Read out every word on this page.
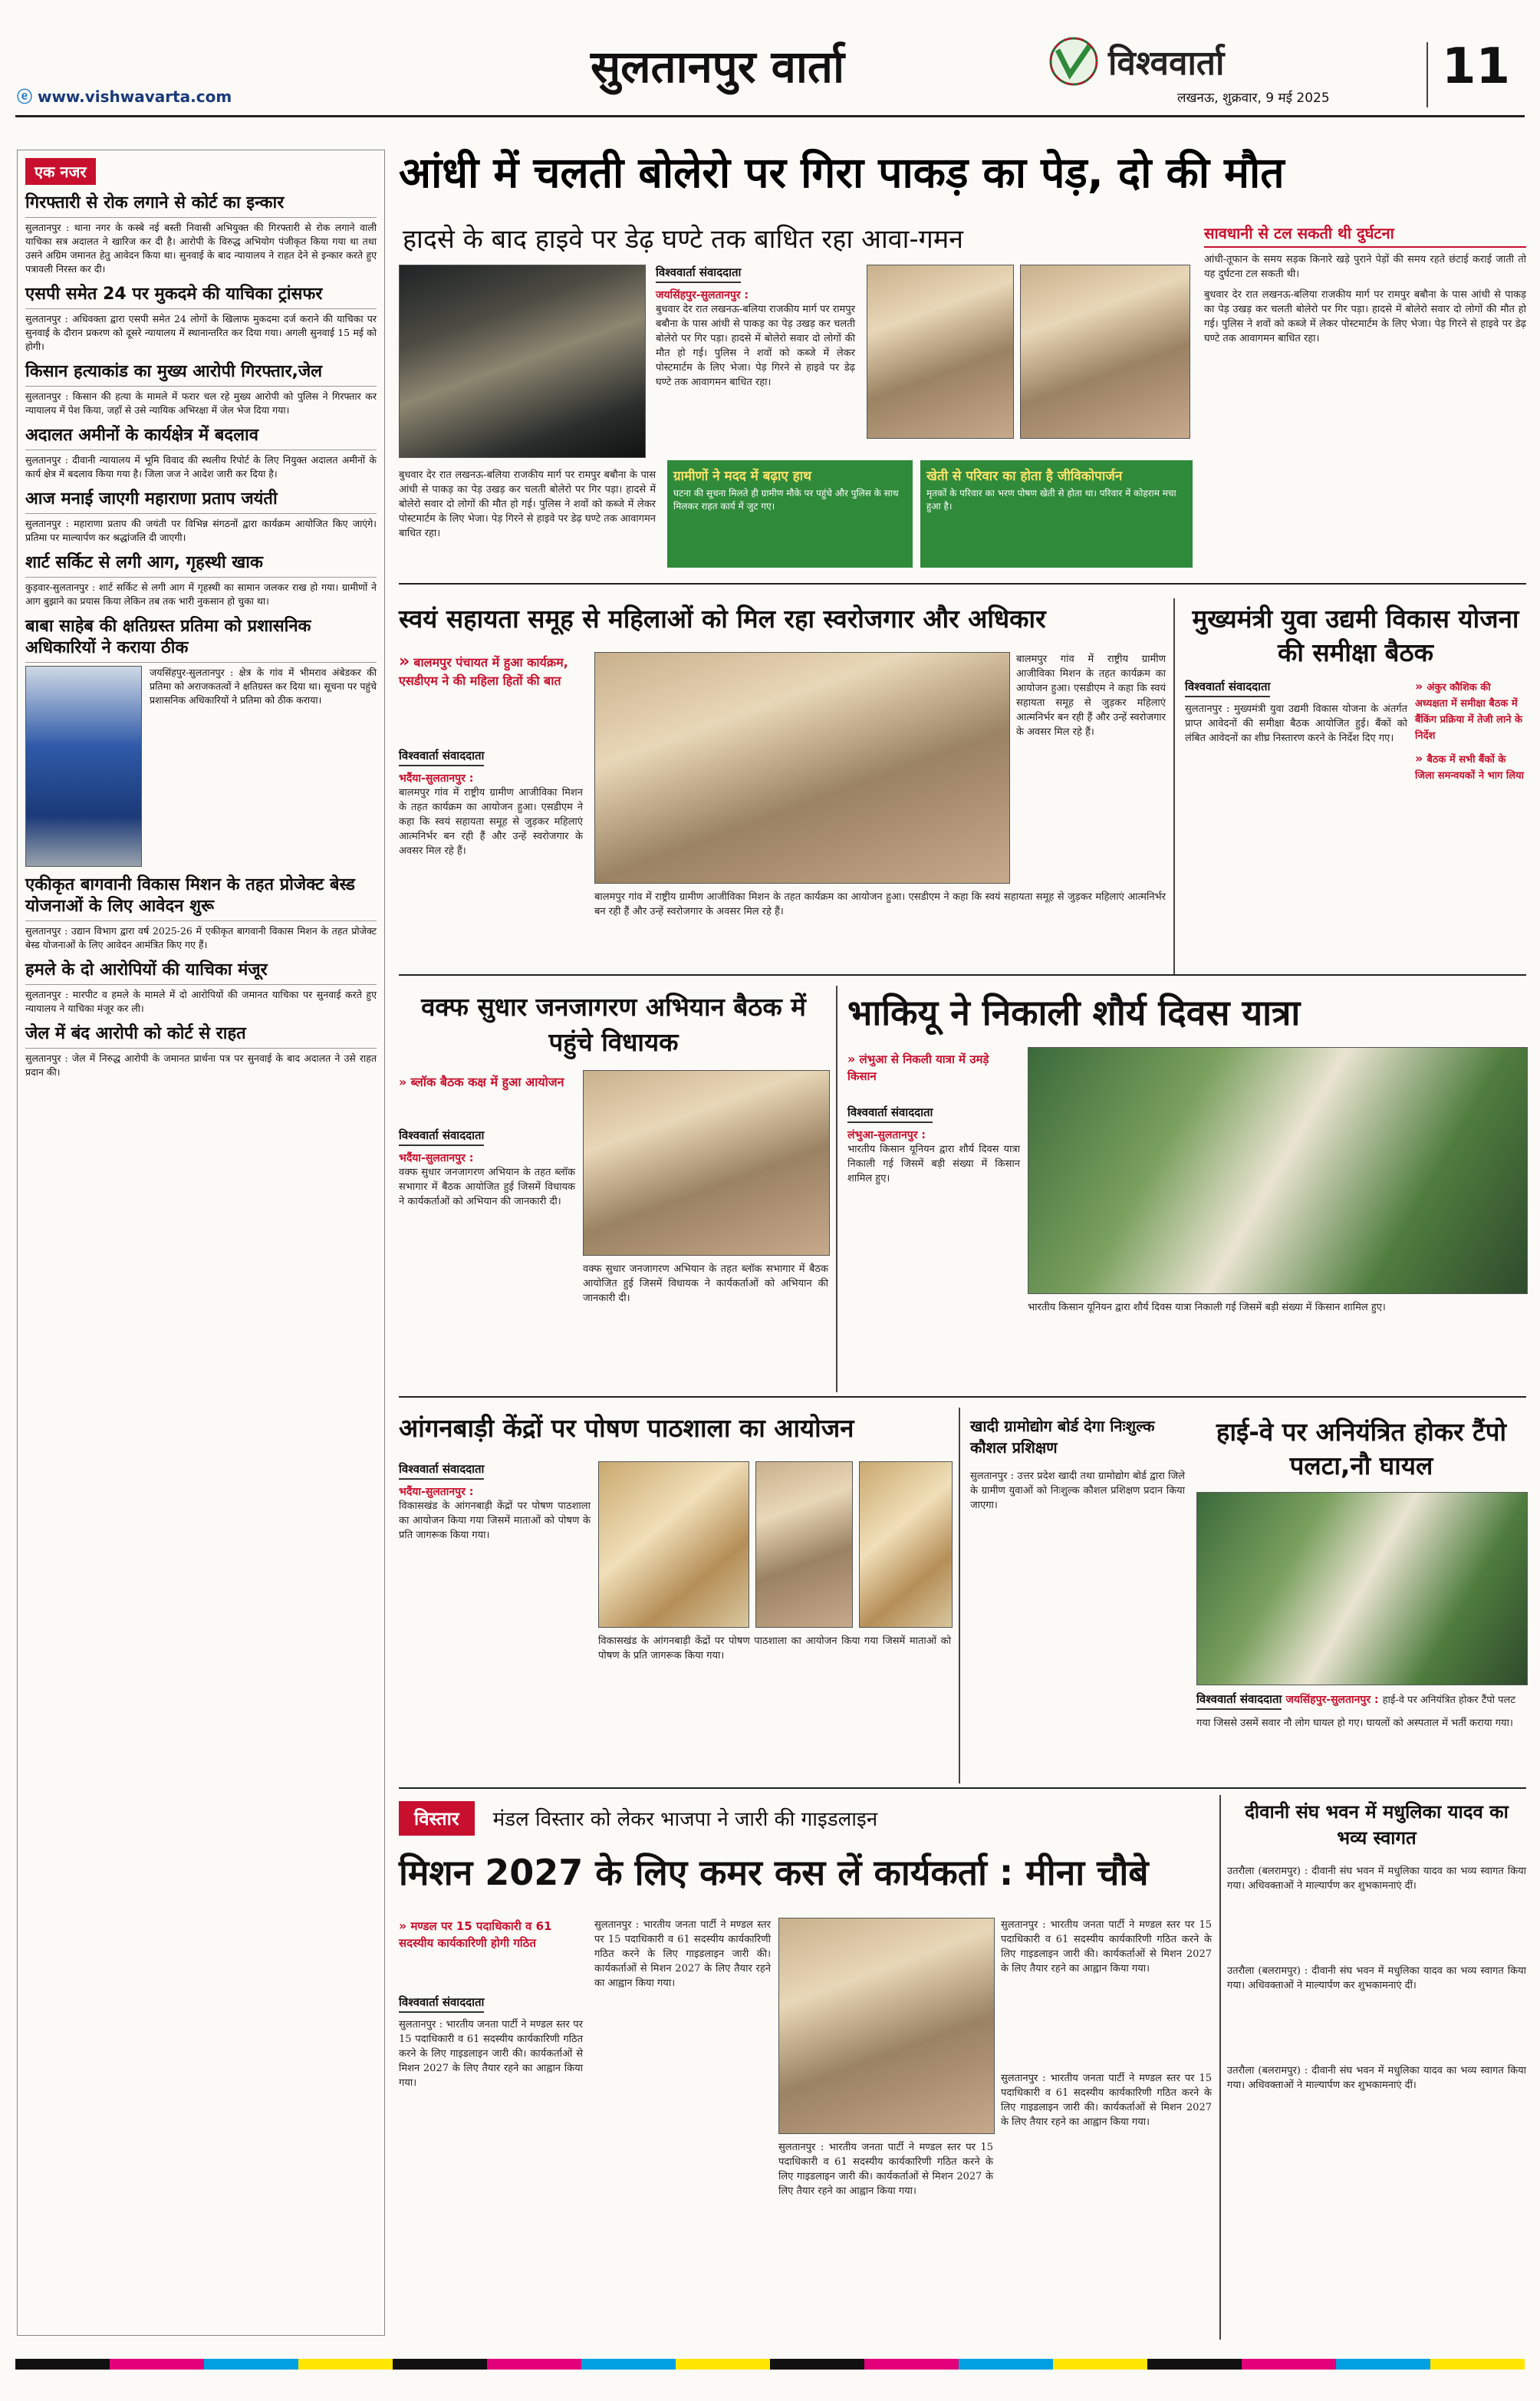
ⓔ www.vishwavarta.com
सुलतानपुर वार्ता	विश्ववार्ता
लखनऊ, शुक्रवार, 9 मई 2025
11
एक नजर
गिरफ्तारी से रोक लगाने से कोर्ट का इन्कार

सुलतानपुर : थाना नगर के कस्बे नई बस्ती निवासी अभियुक्त की गिरफ्तारी से रोक लगाने वाली याचिका सत्र अदालत ने खारिज कर दी है। आरोपी के विरुद्ध अभियोग पंजीकृत किया गया था तथा उसने अग्रिम जमानत हेतु आवेदन किया था। सुनवाई के बाद न्यायालय ने राहत देने से इन्कार करते हुए पत्रावली निरस्त कर दी।

एसपी समेत 24 पर मुकदमे की याचिका ट्रांसफर

सुलतानपुर : अधिवक्ता द्वारा एसपी समेत 24 लोगों के खिलाफ मुकदमा दर्ज कराने की याचिका पर सुनवाई के दौरान प्रकरण को दूसरे न्यायालय में स्थानान्तरित कर दिया गया। अगली सुनवाई 15 मई को होगी।

किसान हत्याकांड का मुख्य आरोपी गिरफ्तार,जेल

सुलतानपुर : किसान की हत्या के मामले में फरार चल रहे मुख्य आरोपी को पुलिस ने गिरफ्तार कर न्यायालय में पेश किया, जहाँ से उसे न्यायिक अभिरक्षा में जेल भेज दिया गया।

अदालत अमीनों के कार्यक्षेत्र में बदलाव

सुलतानपुर : दीवानी न्यायालय में भूमि विवाद की स्थलीय रिपोर्ट के लिए नियुक्त अदालत अमीनों के कार्य क्षेत्र में बदलाव किया गया है। जिला जज ने आदेश जारी कर दिया है।

आज मनाई जाएगी महाराणा प्रताप जयंती

सुलतानपुर : महाराणा प्रताप की जयंती पर विभिन्न संगठनों द्वारा कार्यक्रम आयोजित किए जाएंगे। प्रतिमा पर माल्यार्पण कर श्रद्धांजलि दी जाएगी।

शार्ट सर्किट से लगी आग, गृहस्थी खाक

कुड़वार-सुलतानपुर : शार्ट सर्किट से लगी आग में गृहस्थी का सामान जलकर राख हो गया। ग्रामीणों ने आग बुझाने का प्रयास किया लेकिन तब तक भारी नुकसान हो चुका था।

बाबा साहेब की क्षतिग्रस्त प्रतिमा को प्रशासनिक अधिकारियों ने कराया ठीक

जयसिंहपुर-सुलतानपुर : क्षेत्र के गांव में भीमराव अंबेडकर की प्रतिमा को अराजकतत्वों ने क्षतिग्रस्त कर दिया था। सूचना पर पहुंचे प्रशासनिक अधिकारियों ने प्रतिमा को ठीक कराया।

एकीकृत बागवानी विकास मिशन के तहत प्रोजेक्ट बेस्ड योजनाओं के लिए आवेदन शुरू

सुलतानपुर : उद्यान विभाग द्वारा वर्ष 2025-26 में एकीकृत बागवानी विकास मिशन के तहत प्रोजेक्ट बेस्ड योजनाओं के लिए आवेदन आमंत्रित किए गए हैं।

हमले के दो आरोपियों की याचिका मंजूर

सुलतानपुर : मारपीट व हमले के मामले में दो आरोपियों की जमानत याचिका पर सुनवाई करते हुए न्यायालय ने याचिका मंजूर कर ली।

जेल में बंद आरोपी को कोर्ट से राहत

सुलतानपुर : जेल में निरुद्ध आरोपी के जमानत प्रार्थना पत्र पर सुनवाई के बाद अदालत ने उसे राहत प्रदान की।

आंधी में चलती बोलेरो पर गिरा पाकड़ का पेड़, दो की मौत
हादसे के बाद हाइवे पर डेढ़ घण्टे तक बाधित रहा आवा-गमन
विश्ववार्ता संवाददाता
जयसिंहपुर-सुलतानपुर :
बुधवार देर रात लखनऊ-बलिया राजकीय मार्ग पर रामपुर बबौना के पास आंधी से पाकड़ का पेड़ उखड़ कर चलती बोलेरो पर गिर पड़ा। हादसे में बोलेरो सवार दो लोगों की मौत हो गई। पुलिस ने शवों को कब्जे में लेकर पोस्टमार्टम के लिए भेजा। पेड़ गिरने से हाइवे पर डेढ़ घण्टे तक आवागमन बाधित रहा।
ग्रामीणों ने मदद में बढ़ाए हाथ
घटना की सूचना मिलते ही ग्रामीण मौके पर पहुंचे और पुलिस के साथ मिलकर राहत कार्य में जुट गए।
खेती से परिवार का होता है जीविकोपार्जन
मृतकों के परिवार का भरण पोषण खेती से होता था। परिवार में कोहराम मचा हुआ है।
बुधवार देर रात लखनऊ-बलिया राजकीय मार्ग पर रामपुर बबौना के पास आंधी से पाकड़ का पेड़ उखड़ कर चलती बोलेरो पर गिर पड़ा। हादसे में बोलेरो सवार दो लोगों की मौत हो गई। पुलिस ने शवों को कब्जे में लेकर पोस्टमार्टम के लिए भेजा। पेड़ गिरने से हाइवे पर डेढ़ घण्टे तक आवागमन बाधित रहा।
सावधानी से टल सकती थी दुर्घटना
आंधी-तूफान के समय सड़क किनारे खड़े पुराने पेड़ों की समय रहते छंटाई कराई जाती तो यह दुर्घटना टल सकती थी।
बुधवार देर रात लखनऊ-बलिया राजकीय मार्ग पर रामपुर बबौना के पास आंधी से पाकड़ का पेड़ उखड़ कर चलती बोलेरो पर गिर पड़ा। हादसे में बोलेरो सवार दो लोगों की मौत हो गई। पुलिस ने शवों को कब्जे में लेकर पोस्टमार्टम के लिए भेजा। पेड़ गिरने से हाइवे पर डेढ़ घण्टे तक आवागमन बाधित रहा।
स्वयं सहायता समूह से महिलाओं को मिल रहा स्वरोजगार और अधिकार
» बालमपुर पंचायत में हुआ कार्यक्रम, एसडीएम ने की महिला हितों की बात
विश्ववार्ता संवाददाता
भदैंया-सुलतानपुर :
बालमपुर गांव में राष्ट्रीय ग्रामीण आजीविका मिशन के तहत कार्यक्रम का आयोजन हुआ। एसडीएम ने कहा कि स्वयं सहायता समूह से जुड़कर महिलाएं आत्मनिर्भर बन रही हैं और उन्हें स्वरोजगार के अवसर मिल रहे हैं।
बालमपुर गांव में राष्ट्रीय ग्रामीण आजीविका मिशन के तहत कार्यक्रम का आयोजन हुआ। एसडीएम ने कहा कि स्वयं सहायता समूह से जुड़कर महिलाएं आत्मनिर्भर बन रही हैं और उन्हें स्वरोजगार के अवसर मिल रहे हैं।
बालमपुर गांव में राष्ट्रीय ग्रामीण आजीविका मिशन के तहत कार्यक्रम का आयोजन हुआ। एसडीएम ने कहा कि स्वयं सहायता समूह से जुड़कर महिलाएं आत्मनिर्भर बन रही हैं और उन्हें स्वरोजगार के अवसर मिल रहे हैं।
मुख्यमंत्री युवा उद्यमी विकास योजना की समीक्षा बैठक
विश्ववार्ता संवाददाता
सुलतानपुर : मुख्यमंत्री युवा उद्यमी विकास योजना के अंतर्गत प्राप्त आवेदनों की समीक्षा बैठक आयोजित हुई। बैंकों को लंबित आवेदनों का शीघ्र निस्तारण करने के निर्देश दिए गए।
» अंकुर कौशिक की अध्यक्षता में समीक्षा बैठक में बैंकिंग प्रक्रिया में तेजी लाने के निर्देश
» बैठक में सभी बैंकों के जिला समन्वयकों ने भाग लिया
वक्फ सुधार जनजागरण अभियान बैठक में पहुंचे विधायक
» ब्लॉक बैठक कक्ष में हुआ आयोजन
विश्ववार्ता संवाददाता
भदैंया-सुलतानपुर :
वक्फ सुधार जनजागरण अभियान के तहत ब्लॉक सभागार में बैठक आयोजित हुई जिसमें विधायक ने कार्यकर्ताओं को अभियान की जानकारी दी।
वक्फ सुधार जनजागरण अभियान के तहत ब्लॉक सभागार में बैठक आयोजित हुई जिसमें विधायक ने कार्यकर्ताओं को अभियान की जानकारी दी।
भाकियू ने निकाली शौर्य दिवस यात्रा
» लंभुआ से निकली यात्रा में उमड़े किसान
विश्ववार्ता संवाददाता
लंभुआ-सुलतानपुर :
भारतीय किसान यूनियन द्वारा शौर्य दिवस यात्रा निकाली गई जिसमें बड़ी संख्या में किसान शामिल हुए।
भारतीय किसान यूनियन द्वारा शौर्य दिवस यात्रा निकाली गई जिसमें बड़ी संख्या में किसान शामिल हुए।
आंगनबाड़ी केंद्रों पर पोषण पाठशाला का आयोजन
विश्ववार्ता संवाददाता
भदैंया-सुलतानपुर :
विकासखंड के आंगनबाड़ी केंद्रों पर पोषण पाठशाला का आयोजन किया गया जिसमें माताओं को पोषण के प्रति जागरूक किया गया।
विकासखंड के आंगनबाड़ी केंद्रों पर पोषण पाठशाला का आयोजन किया गया जिसमें माताओं को पोषण के प्रति जागरूक किया गया।
खादी ग्रामोद्योग बोर्ड देगा निःशुल्क कौशल प्रशिक्षण
सुलतानपुर : उत्तर प्रदेश खादी तथा ग्रामोद्योग बोर्ड द्वारा जिले के ग्रामीण युवाओं को निःशुल्क कौशल प्रशिक्षण प्रदान किया जाएगा।
हाई-वे पर अनियंत्रित होकर टैंपो पलटा,नौ घायल
विश्ववार्ता संवाददाता जयसिंहपुर-सुलतानपुर : हाई-वे पर अनियंत्रित होकर टैंपो पलट गया जिससे उसमें सवार नौ लोग घायल हो गए। घायलों को अस्पताल में भर्ती कराया गया।
विस्तार	मंडल विस्तार को लेकर भाजपा ने जारी की गाइडलाइन	दीवानी संघ भवन में मधुलिका यादव का भव्य स्वागत
उतरौला (बलरामपुर) : दीवानी संघ भवन में मधुलिका यादव का भव्य स्वागत किया गया। अधिवक्ताओं ने माल्यार्पण कर शुभकामनाएं दीं।
उतरौला (बलरामपुर) : दीवानी संघ भवन में मधुलिका यादव का भव्य स्वागत किया गया। अधिवक्ताओं ने माल्यार्पण कर शुभकामनाएं दीं।
उतरौला (बलरामपुर) : दीवानी संघ भवन में मधुलिका यादव का भव्य स्वागत किया गया। अधिवक्ताओं ने माल्यार्पण कर शुभकामनाएं दीं।
मिशन 2027 के लिए कमर कस लें कार्यकर्ता : मीना चौबे
» मण्डल पर 15 पदाधिकारी व 61 सदस्यीय कार्यकारिणी होगी गठित
विश्ववार्ता संवाददाता
सुलतानपुर : भारतीय जनता पार्टी ने मण्डल स्तर पर 15 पदाधिकारी व 61 सदस्यीय कार्यकारिणी गठित करने के लिए गाइडलाइन जारी की। कार्यकर्ताओं से मिशन 2027 के लिए तैयार रहने का आह्वान किया गया।
सुलतानपुर : भारतीय जनता पार्टी ने मण्डल स्तर पर 15 पदाधिकारी व 61 सदस्यीय कार्यकारिणी गठित करने के लिए गाइडलाइन जारी की। कार्यकर्ताओं से मिशन 2027 के लिए तैयार रहने का आह्वान किया गया।
सुलतानपुर : भारतीय जनता पार्टी ने मण्डल स्तर पर 15 पदाधिकारी व 61 सदस्यीय कार्यकारिणी गठित करने के लिए गाइडलाइन जारी की। कार्यकर्ताओं से मिशन 2027 के लिए तैयार रहने का आह्वान किया गया।
सुलतानपुर : भारतीय जनता पार्टी ने मण्डल स्तर पर 15 पदाधिकारी व 61 सदस्यीय कार्यकारिणी गठित करने के लिए गाइडलाइन जारी की। कार्यकर्ताओं से मिशन 2027 के लिए तैयार रहने का आह्वान किया गया।
सुलतानपुर : भारतीय जनता पार्टी ने मण्डल स्तर पर 15 पदाधिकारी व 61 सदस्यीय कार्यकारिणी गठित करने के लिए गाइडलाइन जारी की। कार्यकर्ताओं से मिशन 2027 के लिए तैयार रहने का आह्वान किया गया।
